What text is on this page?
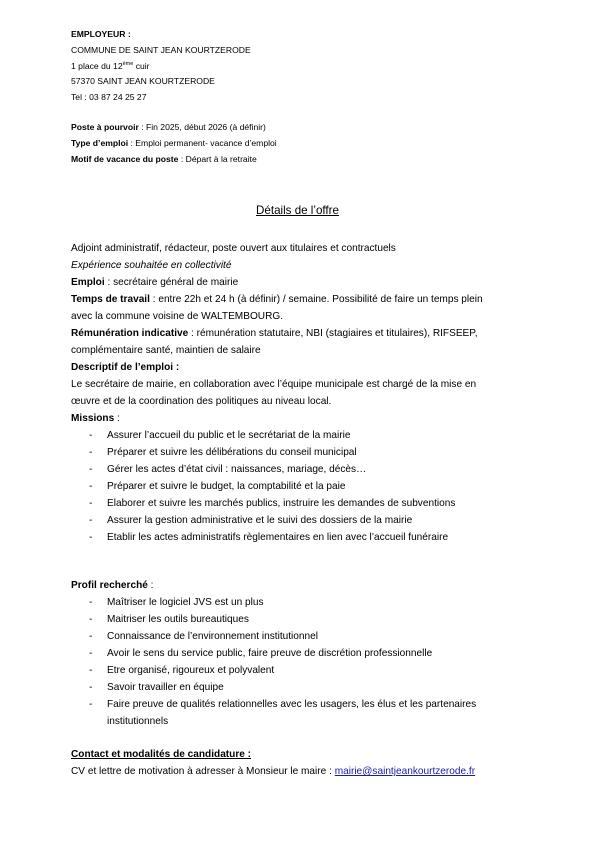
EMPLOYEUR :
COMMUNE DE SAINT JEAN KOURTZERODE
1 place du 12ème cuir
57370 SAINT JEAN KOURTZERODE
Tel : 03 87 24 25 27
Poste à pourvoir : Fin 2025, début 2026 (à définir)
Type d’emploi : Emploi permanent- vacance d’emploi
Motif de vacance du poste : Départ à la retraite
Détails de l’offre
Adjoint administratif, rédacteur, poste ouvert aux titulaires et contractuels
Expérience souhaitée en collectivité
Emploi : secrétaire général de mairie
Temps de travail : entre 22h et 24 h (à définir) / semaine. Possibilité de faire un temps plein
avec la commune voisine de WALTEMBOURG.
Rémunération indicative : rémunération statutaire, NBI (stagiaires et titulaires), RIFSEEP,
complémentaire santé, maintien de salaire
Descriptif de l’emploi :
Le secrétaire de mairie, en collaboration avec l’équipe municipale est chargé de la mise en
œuvre et de la coordination des politiques au niveau local.
Missions :
- Assurer l’accueil du public et le secrétariat de la mairie
- Préparer et suivre les délibérations du conseil municipal
- Gérer les actes d’état civil : naissances, mariage, décès…
- Préparer et suivre le budget, la comptabilité et la paie
- Elaborer et suivre les marchés publics, instruire les demandes de subventions
- Assurer la gestion administrative et le suivi des dossiers de la mairie
- Etablir les actes administratifs règlementaires en lien avec l’accueil funéraire
Profil recherché :
- Maîtriser le logiciel JVS est un plus
- Maitriser les outils bureautiques
- Connaissance de l’environnement institutionnel
- Avoir le sens du service public, faire preuve de discrétion professionnelle
- Etre organisé, rigoureux et polyvalent
- Savoir travailler en équipe
- Faire preuve de qualités relationnelles avec les usagers, les élus et les partenaires
institutionnels
Contact et modalités de candidature :
CV et lettre de motivation à adresser à Monsieur le maire : mairie@saintjeankourtzerode.fr
